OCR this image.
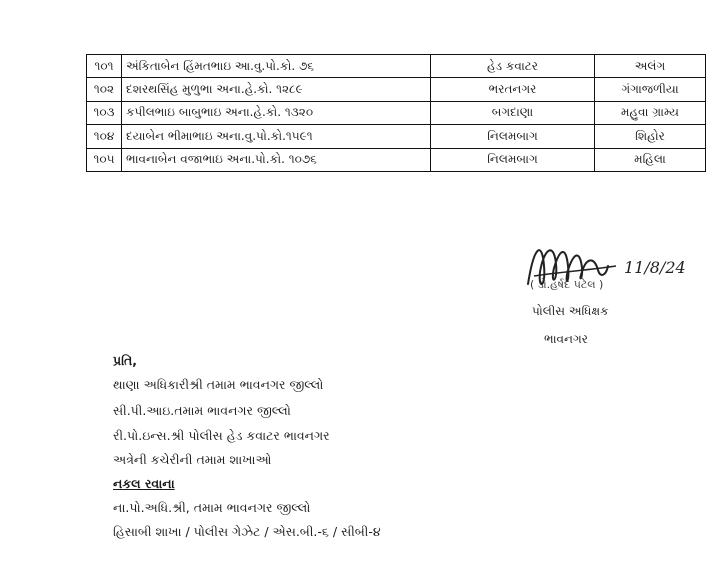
૧૦૧	અંકિતાબેન હિંમતભાઇ આ.વુ.પો.કો. ૭૬	હેડ કવાટર	અલંગ
૧૦૨	દશરથસિંહ મુળુભા અના.હે.કો. ૧૨૮૯	ભરતનગર	ગંગાજળીયા
૧૦૩	કપીલભાઇ બાબુભાઇ અના.હે.કો. ૧૩૨૦	બગદાણા	મહુવા ગ્રામ્ય
૧૦૪	દયાબેન ભીમાભાઇ અના.વુ.પો.કો.૧૫૯૧	નિલમબાગ	શિહોર
૧૦૫	ભાવનાબેન વજાભાઇ અના.પો.કો. ૧૦૭૬	નિલમબાગ	મહિલા
11/8/24
( ડો.હર્ષદ પટેલ )
પોલીસ અધિક્ષક
ભાવનગર
પ્રતિ,
થાણા અધિકારીશ્રી તમામ ભાવનગર જીલ્લો
સી.પી.આઇ.તમામ ભાવનગર જીલ્લો
રી.પો.ઇન્સ.શ્રી પોલીસ હેડ કવાટર ભાવનગર
અત્રેની કચેરીની તમામ શાખાઓ
નકલ રવાના
ના.પો.અધિ.શ્રી, તમામ ભાવનગર જીલ્લો
હિસાબી શાખા / પોલીસ ગેઝેટ / એસ.બી.-૬ / સીબી-૪
